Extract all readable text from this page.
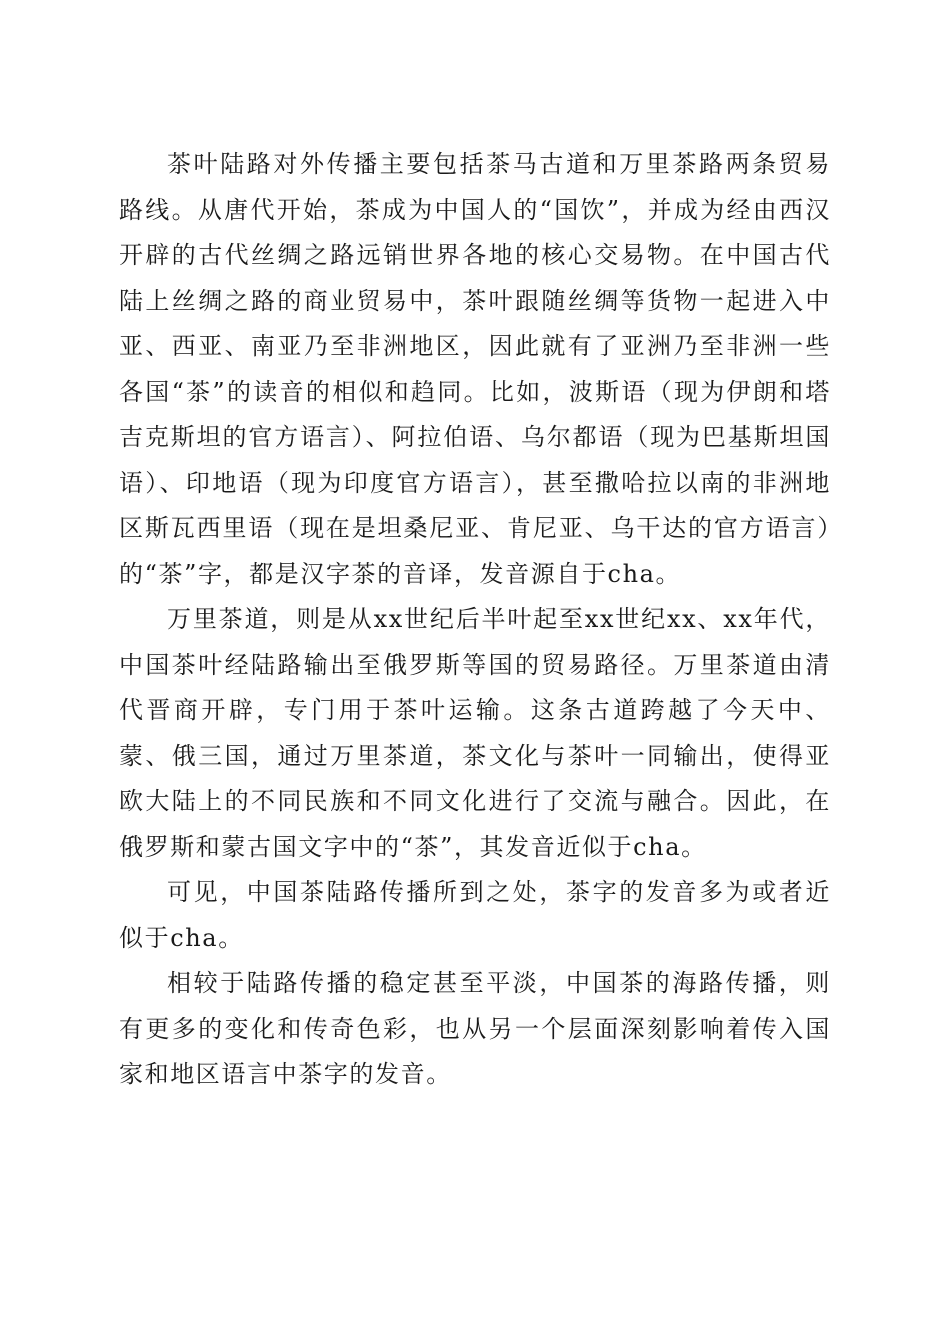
茶叶陆路对外传播主要包括茶马古道和万里茶路两条贸易路线。从唐代开始，茶成为中国人的“国饮”，并成为经由西汉开辟的古代丝绸之路远销世界各地的核心交易物。在中国古代陆上丝绸之路的商业贸易中，茶叶跟随丝绸等货物一起进入中亚、西亚、南亚乃至非洲地区，因此就有了亚洲乃至非洲一些各国“茶”的读音的相似和趋同。比如，波斯语（现为伊朗和塔吉克斯坦的官方语言）、阿拉伯语、乌尔都语（现为巴基斯坦国语）、印地语（现为印度官方语言），甚至撒哈拉以南的非洲地区斯瓦西里语（现在是坦桑尼亚、肯尼亚、乌干达的官方语言）的“茶”字，都是汉字茶的音译，发音源自于cha。

万里茶道，则是从xx世纪后半叶起至xx世纪xx、xx年代，中国茶叶经陆路输出至俄罗斯等国的贸易路径。万里茶道由清代晋商开辟，专门用于茶叶运输。这条古道跨越了今天中、蒙、俄三国，通过万里茶道，茶文化与茶叶一同输出，使得亚欧大陆上的不同民族和不同文化进行了交流与融合。因此，在俄罗斯和蒙古国文字中的“茶”，其发音近似于cha。

可见，中国茶陆路传播所到之处，茶字的发音多为或者近似于cha。

相较于陆路传播的稳定甚至平淡，中国茶的海路传播，则有更多的变化和传奇色彩，也从另一个层面深刻影响着传入国家和地区语言中茶字的发音。
